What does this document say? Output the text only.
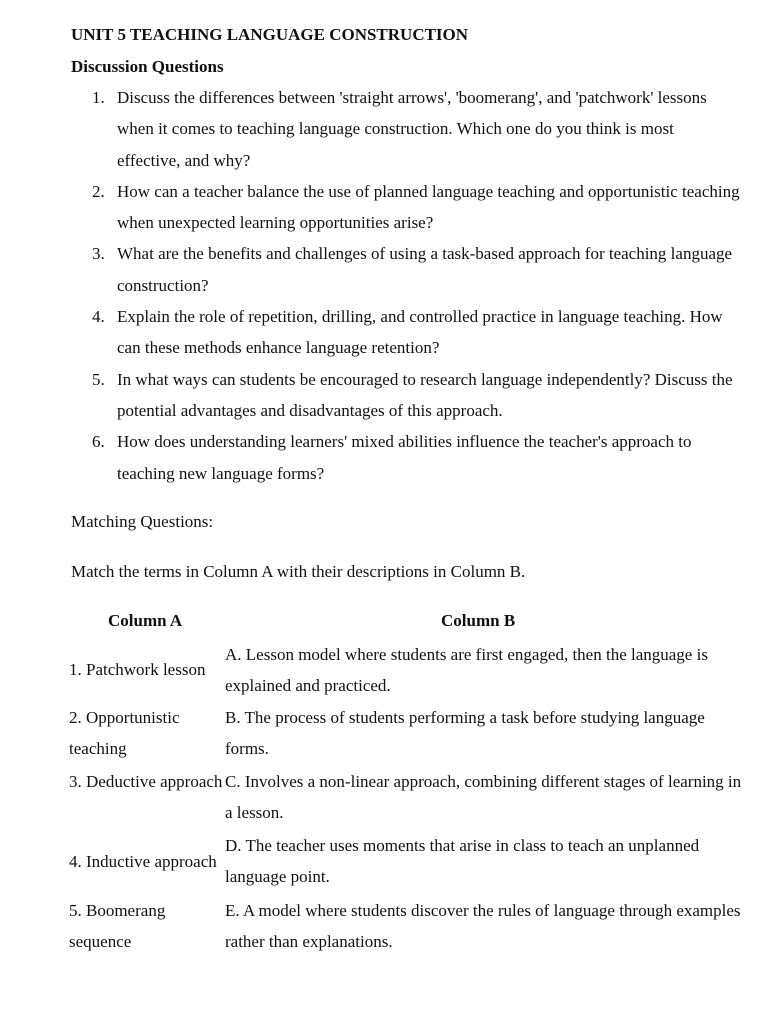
UNIT 5 TEACHING LANGUAGE CONSTRUCTION
Discussion Questions
1. Discuss the differences between 'straight arrows', 'boomerang', and 'patchwork' lessons when it comes to teaching language construction. Which one do you think is most effective, and why?
2. How can a teacher balance the use of planned language teaching and opportunistic teaching when unexpected learning opportunities arise?
3. What are the benefits and challenges of using a task-based approach for teaching language construction?
4. Explain the role of repetition, drilling, and controlled practice in language teaching. How can these methods enhance language retention?
5. In what ways can students be encouraged to research language independently? Discuss the potential advantages and disadvantages of this approach.
6. How does understanding learners' mixed abilities influence the teacher's approach to teaching new language forms?
Matching Questions:
Match the terms in Column A with their descriptions in Column B.
Column A	Column B
1. Patchwork lesson
A. Lesson model where students are first engaged, then the language is explained and practiced.
2. Opportunistic teaching
B. The process of students performing a task before studying language forms.
3. Deductive approach C. Involves a non-linear approach, combining different stages of learning in a lesson.
4. Inductive approach
D. The teacher uses moments that arise in class to teach an unplanned language point.
5. Boomerang sequence
E. A model where students discover the rules of language through examples rather than explanations.
